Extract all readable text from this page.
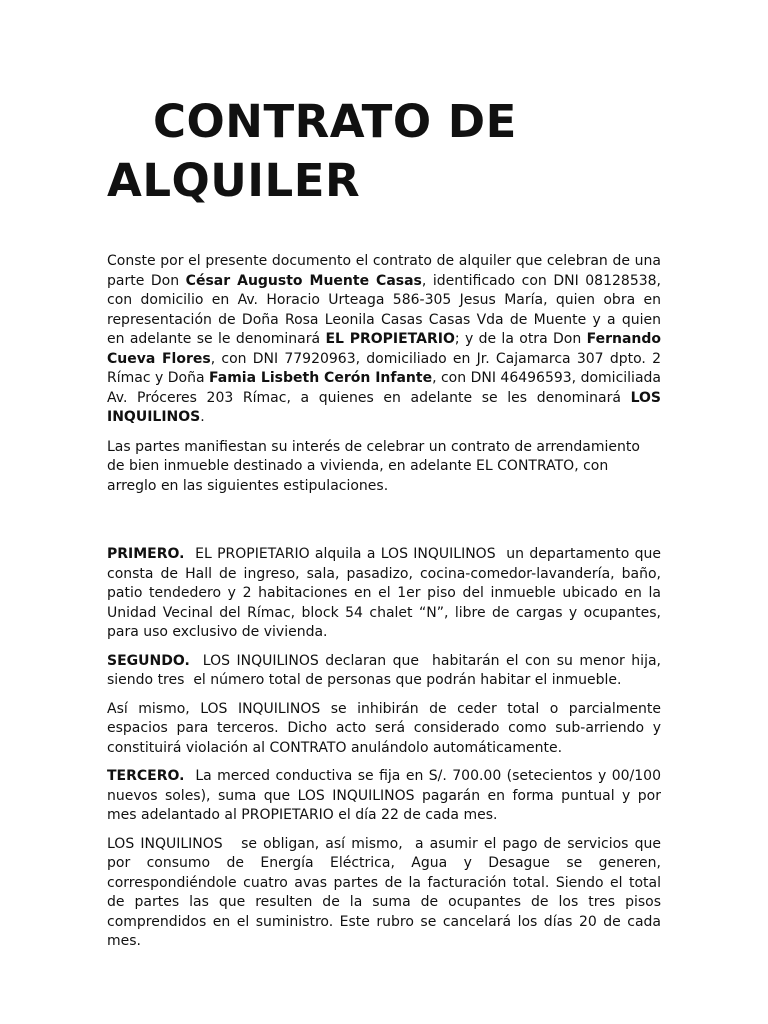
CONTRATO DE
ALQUILER

Conste por el presente documento el contrato de alquiler que celebran de una parte Don César Augusto Muente Casas, identificado con DNI 08128538, con domicilio en Av. Horacio Urteaga 586-305 Jesus María, quien obra en representación de Doña Rosa Leonila Casas Casas Vda de Muente y a quien en adelante se le denominará EL PROPIETARIO; y de la otra Don Fernando Cueva Flores, con DNI 77920963, domiciliado en Jr. Cajamarca 307 dpto. 2 Rímac y Doña Famia Lisbeth Cerón Infante, con DNI 46496593, domiciliada Av. Próceres 203 Rímac, a quienes en adelante se les denominará LOS INQUILINOS.

Las partes manifiestan su interés de celebrar un contrato de arrendamiento de bien inmueble destinado a vivienda, en adelante EL CONTRATO, con arreglo en las siguientes estipulaciones.

PRIMERO.  EL PROPIETARIO alquila a LOS INQUILINOS  un departamento que consta de Hall de ingreso, sala, pasadizo, cocina-comedor-lavandería, baño, patio tendedero y 2 habitaciones en el 1er piso del inmueble ubicado en la Unidad Vecinal del Rímac, block 54 chalet “N”, libre de cargas y ocupantes, para uso exclusivo de vivienda.

SEGUNDO.  LOS INQUILINOS declaran que  habitarán el con su menor hija, siendo tres  el número total de personas que podrán habitar el inmueble.

Así mismo, LOS INQUILINOS se inhibirán de ceder total o parcialmente espacios para terceros. Dicho acto será considerado como sub-arriendo y constituirá violación al CONTRATO anulándolo automáticamente.

TERCERO.  La merced conductiva se fija en S/. 700.00 (setecientos y 00/100 nuevos soles), suma que LOS INQUILINOS pagarán en forma puntual y por mes adelantado al PROPIETARIO el día 22 de cada mes.

LOS INQUILINOS   se obligan, así mismo,  a asumir el pago de servicios que por consumo de Energía Eléctrica, Agua y Desague se generen, correspondiéndole cuatro avas partes de la facturación total. Siendo el total de partes las que resulten de la suma de ocupantes de los tres pisos comprendidos en el suministro. Este rubro se cancelará los días 20 de cada mes.
